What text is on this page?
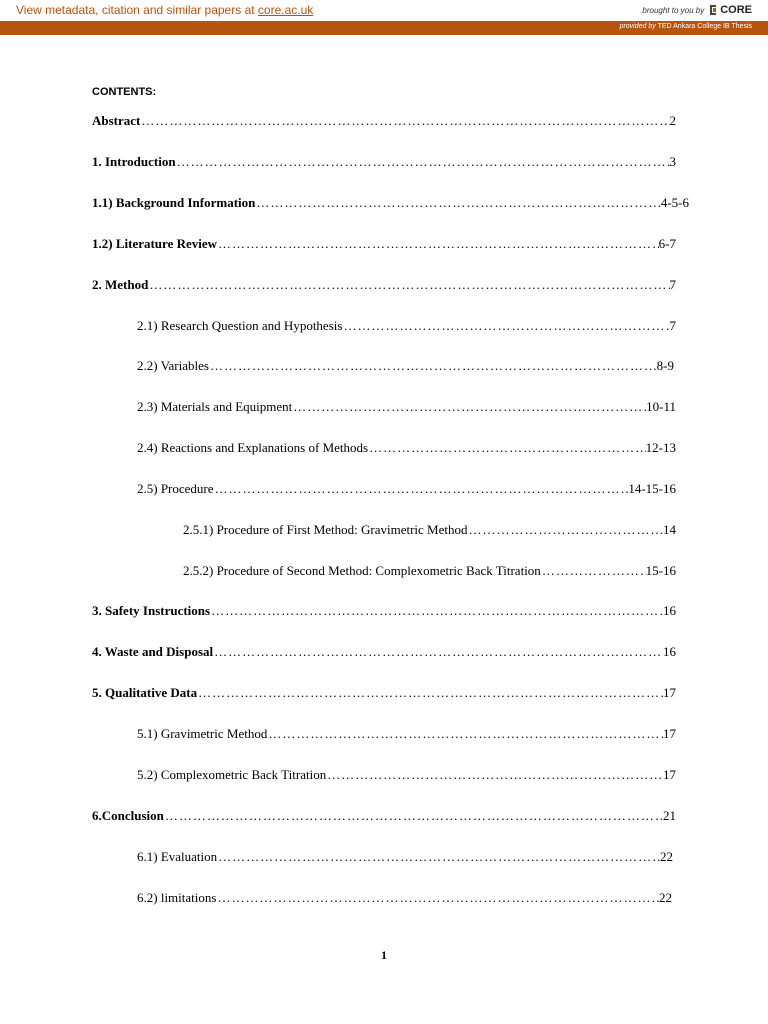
View metadata, citation and similar papers at core.ac.uk	brought to you by CORE
provided by TED Ankara College IB Thesis
CONTENTS:
Abstract ………………………………………………………………………………………………………………………………………………………………………………………………	2
1. Introduction ………………………………………………………………………………………………………………………………………………………………………………………………	3
1.1) Background Information ………………………………………………………………………………………………………………………………………………………………………………………………	4-5-6
1.2) Literature Review ………………………………………………………………………………………………………………………………………………………………………………………………	6-7
2. Method ………………………………………………………………………………………………………………………………………………………………………………………………	7
2.1) Research Question and Hypothesis ………………………………………………………………………………………………………………………………………………………………………………………………	7
2.2) Variables ………………………………………………………………………………………………………………………………………………………………………………………………	8-9
2.3) Materials and Equipment ………………………………………………………………………………………………………………………………………………………………………………………………	10-11
2.4) Reactions and Explanations of Methods ………………………………………………………………………………………………………………………………………………………………………………………………	12-13
2.5) Procedure ………………………………………………………………………………………………………………………………………………………………………………………………	14-15-16
2.5.1) Procedure of First Method: Gravimetric Method ………………………………………………………………………………………………………………………………………………………………………………………………	14
2.5.2) Procedure of Second Method: Complexometric Back Titration ………………………………………………………………………………………………………………………………………………………………………………………………	15-16
3. Safety Instructions ………………………………………………………………………………………………………………………………………………………………………………………………	16
4. Waste and Disposal ………………………………………………………………………………………………………………………………………………………………………………………………	16
5. Qualitative Data ………………………………………………………………………………………………………………………………………………………………………………………………	17
5.1) Gravimetric Method ………………………………………………………………………………………………………………………………………………………………………………………………	17
5.2) Complexometric Back Titration ………………………………………………………………………………………………………………………………………………………………………………………………	17
6.Conclusion ………………………………………………………………………………………………………………………………………………………………………………………………	21
6.1) Evaluation ………………………………………………………………………………………………………………………………………………………………………………………………	22
6.2) limitations ………………………………………………………………………………………………………………………………………………………………………………………………	22
1
